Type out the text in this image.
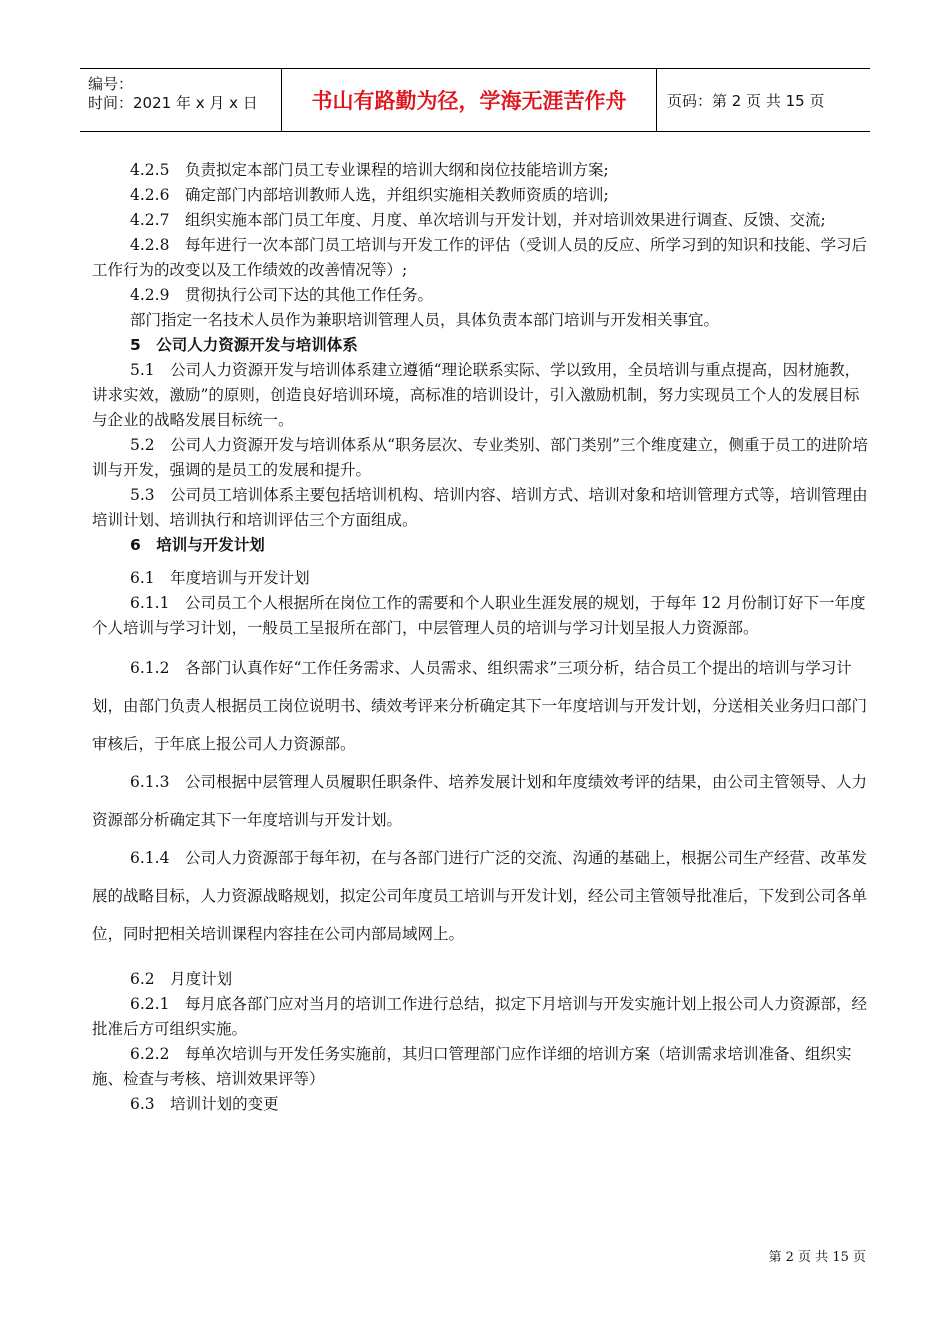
编号：
时间：2021 年 x 月 x 日	书山有路勤为径，学海无涯苦作舟	页码：第 2 页 共 15 页

4.2.5　负责拟定本部门员工专业课程的培训大纲和岗位技能培训方案;

4.2.6　确定部门内部培训教师人选，并组织实施相关教师资质的培训;

4.2.7　组织实施本部门员工年度、月度、单次培训与开发计划，并对培训效果进行调查、反馈、交流;

4.2.8　每年进行一次本部门员工培训与开发工作的评估（受训人员的反应、所学习到的知识和技能、学习后工作行为的改变以及工作绩效的改善情况等）;

4.2.9　贯彻执行公司下达的其他工作任务。

部门指定一名技术人员作为兼职培训管理人员，具体负责本部门培训与开发相关事宜。

5　公司人力资源开发与培训体系

5.1　公司人力资源开发与培训体系建立遵循“理论联系实际、学以致用，全员培训与重点提高，因材施教，讲求实效，激励”的原则，创造良好培训环境，高标准的培训设计，引入激励机制，努力实现员工个人的发展目标与企业的战略发展目标统一。

5.2　公司人力资源开发与培训体系从“职务层次、专业类别、部门类别”三个维度建立，侧重于员工的进阶培训与开发，强调的是员工的发展和提升。

5.3　公司员工培训体系主要包括培训机构、培训内容、培训方式、培训对象和培训管理方式等，培训管理由培训计划、培训执行和培训评估三个方面组成。

6　培训与开发计划

6.1　年度培训与开发计划

6.1.1　公司员工个人根据所在岗位工作的需要和个人职业生涯发展的规划，于每年 12 月份制订好下一年度个人培训与学习计划，一般员工呈报所在部门，中层管理人员的培训与学习计划呈报人力资源部。

6.1.2　各部门认真作好“工作任务需求、人员需求、组织需求”三项分析，结合员工个提出的培训与学习计划，由部门负责人根据员工岗位说明书、绩效考评来分析确定其下一年度培训与开发计划，分送相关业务归口部门审核后，于年底上报公司人力资源部。

6.1.3　公司根据中层管理人员履职任职条件、培养发展计划和年度绩效考评的结果，由公司主管领导、人力资源部分析确定其下一年度培训与开发计划。

6.1.4　公司人力资源部于每年初，在与各部门进行广泛的交流、沟通的基础上，根据公司生产经营、改革发展的战略目标，人力资源战略规划，拟定公司年度员工培训与开发计划，经公司主管领导批准后，下发到公司各单位，同时把相关培训课程内容挂在公司内部局域网上。

6.2　月度计划

6.2.1　每月底各部门应对当月的培训工作进行总结，拟定下月培训与开发实施计划上报公司人力资源部，经批准后方可组织实施。

6.2.2　每单次培训与开发任务实施前，其归口管理部门应作详细的培训方案（培训需求培训准备、组织实施、检查与考核、培训效果评等）

6.3　培训计划的变更

第 2 页 共 15 页
